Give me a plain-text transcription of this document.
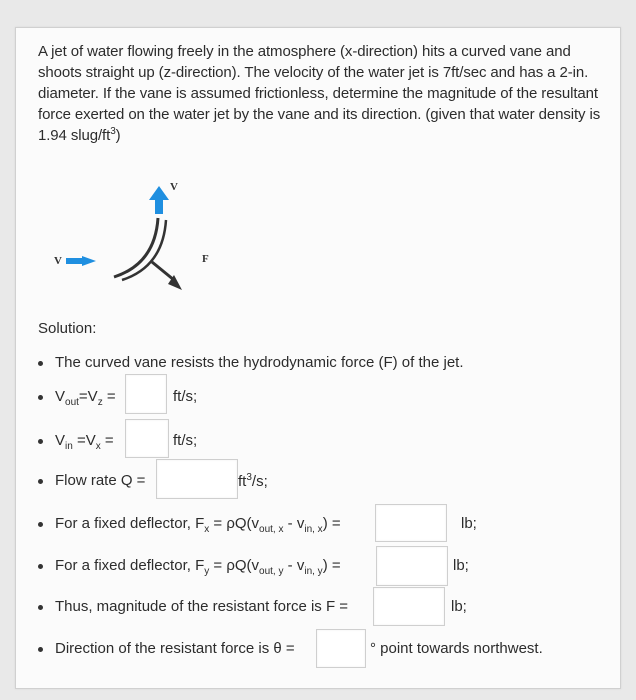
A jet of water flowing freely in the atmosphere (x-direction) hits a curved vane and shoots straight up (z-direction). The velocity of the water jet is 7ft/sec and has a 2-in. diameter. If the vane is assumed frictionless, determine the magnitude of the resultant force exerted on the water jet by the vane and its direction. (given that water density is 1.94 slug/$ft^3$)
V
V	F
Solution:
The curved vane resists the hydrodynamic force (F) of the jet.
$V_{out}=V_z$ =	ft/s;
$V_{in} =V_x$ =	ft/s;
Flow rate Q =	$ft^3/s$;
For a fixed deflector, $F_x = \rho Q(v_{out, x} - v_{in, x})$ =	lb;
For a fixed deflector, $F_y = \rho Q(v_{out, y} - v_{in, y})$ =	lb;
Thus, magnitude of the resistant force is F =	lb;
Direction of the resistant force is θ =	° point towards northwest.
